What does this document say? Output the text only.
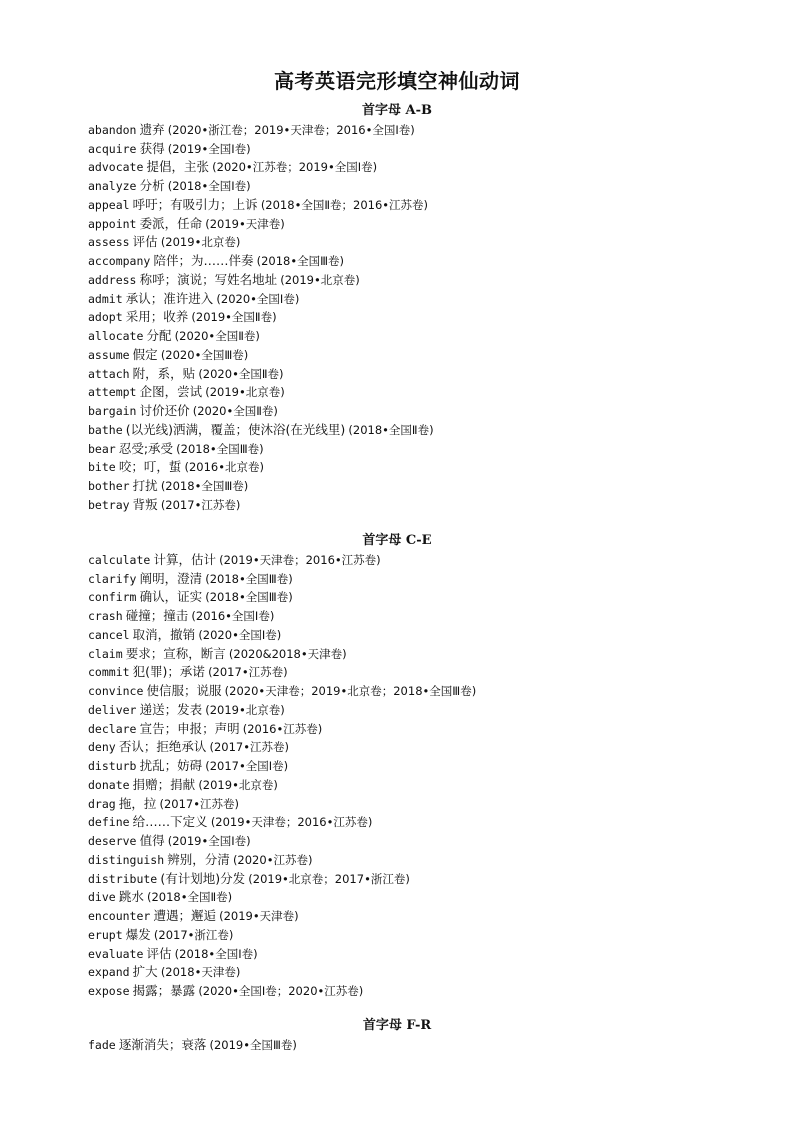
高考英语完形填空神仙动词
首字母 A-B
abandon 遗弃 (2020•浙江卷；2019•天津卷；2016•全国Ⅰ卷)
acquire 获得 (2019•全国Ⅰ卷)
advocate 提倡，主张 (2020•江苏卷；2019•全国Ⅰ卷)
analyze 分析 (2018•全国Ⅰ卷)
appeal 呼吁；有吸引力；上诉 (2018•全国Ⅱ卷；2016•江苏卷)
appoint 委派，任命 (2019•天津卷)
assess 评估 (2019•北京卷)
accompany 陪伴；为……伴奏 (2018•全国Ⅲ卷)
address 称呼；演说；写姓名地址 (2019•北京卷)
admit 承认；准许进入 (2020•全国Ⅰ卷)
adopt 采用；收养 (2019•全国Ⅱ卷)
allocate 分配 (2020•全国Ⅱ卷)
assume 假定 (2020•全国Ⅲ卷)
attach 附，系，贴 (2020•全国Ⅱ卷)
attempt 企图，尝试 (2019•北京卷)
bargain 讨价还价 (2020•全国Ⅱ卷)
bathe (以光线)洒满，覆盖；使沐浴(在光线里) (2018•全国Ⅱ卷)
bear 忍受;承受 (2018•全国Ⅲ卷)
bite 咬；叮，蜇 (2016•北京卷)
bother 打扰 (2018•全国Ⅲ卷)
betray 背叛 (2017•江苏卷)
首字母 C-E
calculate 计算，估计 (2019•天津卷；2016•江苏卷)
clarify 阐明，澄清 (2018•全国Ⅲ卷)
confirm 确认，证实 (2018•全国Ⅲ卷)
crash 碰撞；撞击 (2016•全国Ⅰ卷)
cancel 取消，撤销 (2020•全国Ⅰ卷)
claim 要求；宣称，断言 (2020&2018•天津卷)
commit 犯(罪)；承诺 (2017•江苏卷)
convince 使信服；说服 (2020•天津卷；2019•北京卷；2018•全国Ⅲ卷)
deliver 递送；发表 (2019•北京卷)
declare 宣告；申报；声明 (2016•江苏卷)
deny 否认；拒绝承认 (2017•江苏卷)
disturb 扰乱；妨碍 (2017•全国Ⅰ卷)
donate 捐赠；捐献 (2019•北京卷)
drag 拖，拉 (2017•江苏卷)
define 给……下定义 (2019•天津卷；2016•江苏卷)
deserve 值得 (2019•全国Ⅰ卷)
distinguish 辨别，分清 (2020•江苏卷)
distribute (有计划地)分发 (2019•北京卷；2017•浙江卷)
dive 跳水 (2018•全国Ⅱ卷)
encounter 遭遇；邂逅 (2019•天津卷)
erupt 爆发 (2017•浙江卷)
evaluate 评估 (2018•全国Ⅰ卷)
expand 扩大 (2018•天津卷)
expose 揭露；暴露 (2020•全国Ⅰ卷；2020•江苏卷)
首字母 F-R
fade 逐渐消失；衰落 (2019•全国Ⅲ卷)
